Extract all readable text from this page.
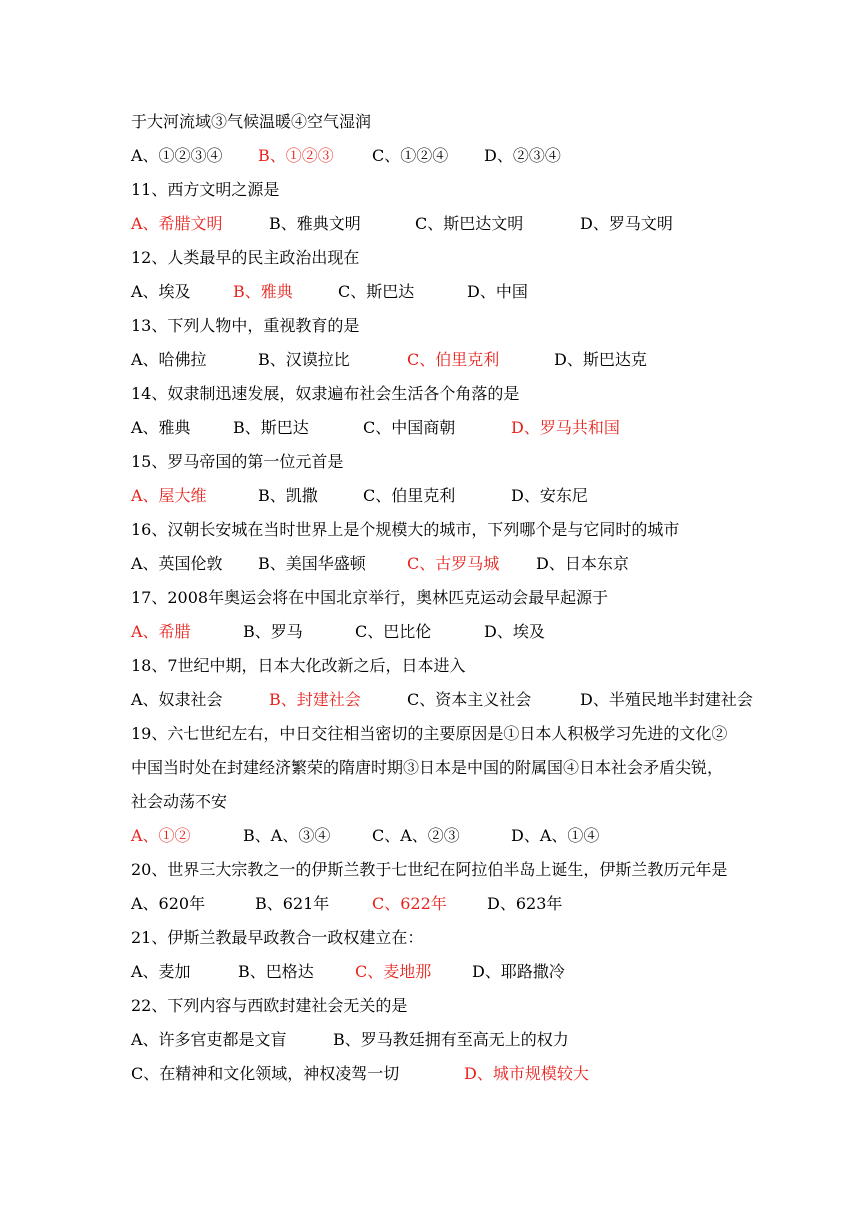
于大河流域③气候温暖④空气湿润
A、①②③④ B、①②③ C、①②④ D、②③④
11、西方文明之源是
A、希腊文明	B、雅典文明	C、斯巴达文明	D、罗马文明
12、人类最早的民主政治出现在
A、埃及	B、雅典	C、斯巴达	D、中国
13、下列人物中，重视教育的是
A、哈佛拉	B、汉谟拉比	C、伯里克利	D、斯巴达克
14、奴隶制迅速发展，奴隶遍布社会生活各个角落的是
A、雅典	B、斯巴达	C、中国商朝	D、罗马共和国
15、罗马帝国的第一位元首是
A、屋大维	B、凯撒	C、伯里克利	D、安东尼
16、汉朝长安城在当时世界上是个规模大的城市，下列哪个是与它同时的城市
A、英国伦敦 B、美国华盛顿	C、古罗马城 D、日本东京
17、2008年奥运会将在中国北京举行，奥林匹克运动会最早起源于
A、希腊	B、罗马	C、巴比伦	D、埃及
18、7世纪中期，日本大化改新之后，日本进入
A、奴隶社会	B、封建社会	C、资本主义社会	D、半殖民地半封建社会
19、六七世纪左右，中日交往相当密切的主要原因是①日本人积极学习先进的文化②
中国当时处在封建经济繁荣的隋唐时期③日本是中国的附属国④日本社会矛盾尖锐，
社会动荡不安
A、①②	B、A、③④	C、A、②③	D、A、①④
20、世界三大宗教之一的伊斯兰教于七世纪在阿拉伯半岛上诞生，伊斯兰教历元年是
A、620年	B、621年	C、622年	D、623年
21、伊斯兰教最早政教合一政权建立在：
A、麦加	B、巴格达	C、麦地那	D、耶路撒冷
22、下列内容与西欧封建社会无关的是
A、许多官吏都是文盲	B、罗马教廷拥有至高无上的权力
C、在精神和文化领域，神权凌驾一切	D、城市规模较大
